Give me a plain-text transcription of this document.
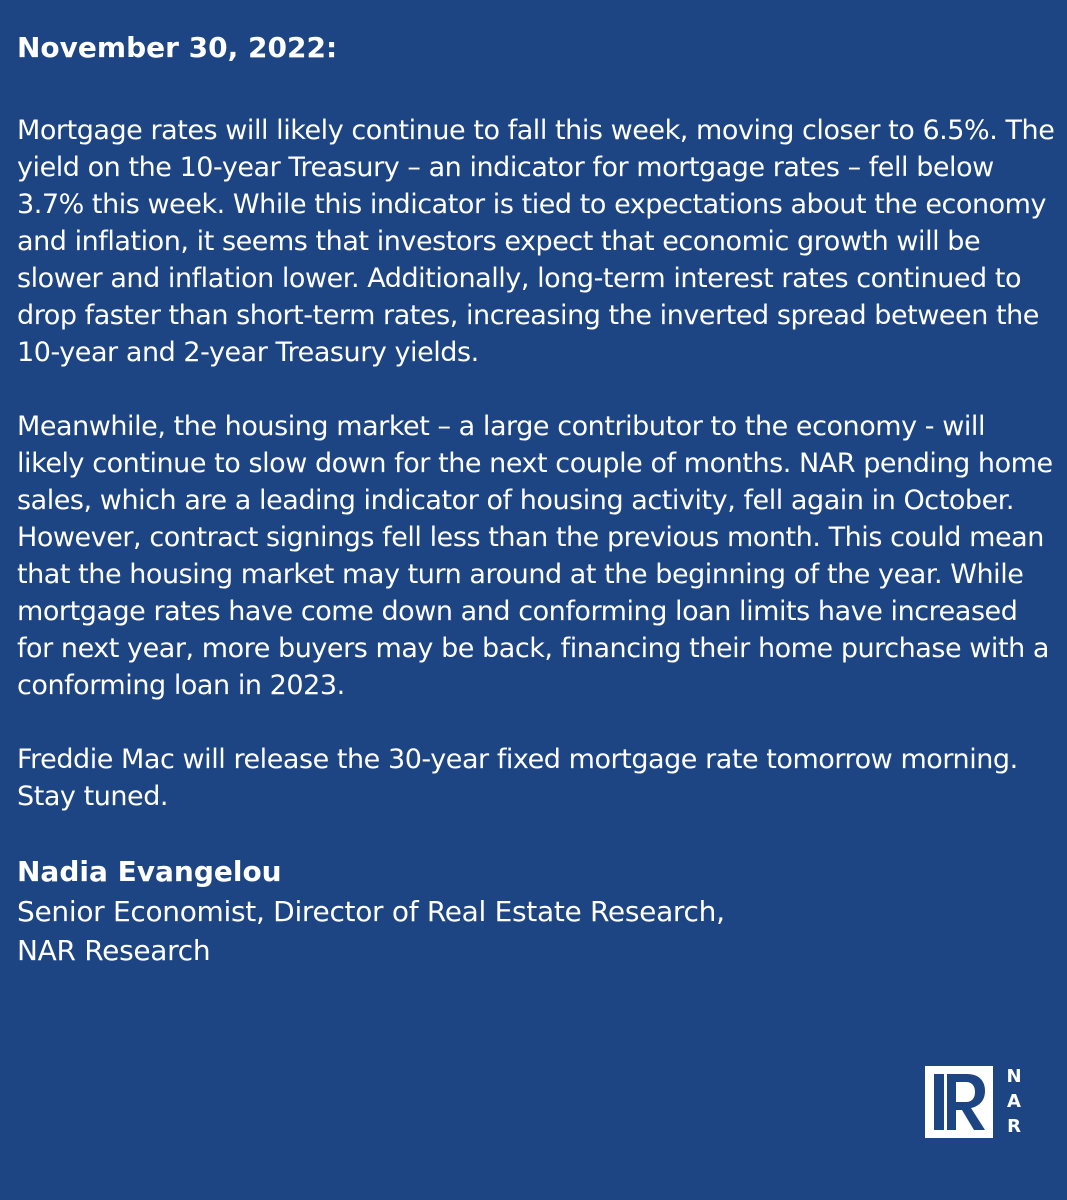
November 30, 2022:

Mortgage rates will likely continue to fall this week, moving closer to 6.5%. The yield on the 10-year Treasury – an indicator for mortgage rates – fell below 3.7% this week. While this indicator is tied to expectations about the economy and inflation, it seems that investors expect that economic growth will be slower and inflation lower. Additionally, long-term interest rates continued to drop faster than short-term rates, increasing the inverted spread between the 10-year and 2-year Treasury yields.

Meanwhile, the housing market – a large contributor to the economy - will likely continue to slow down for the next couple of months. NAR pending home sales, which are a leading indicator of housing activity, fell again in October. However, contract signings fell less than the previous month. This could mean that the housing market may turn around at the beginning of the year. While mortgage rates have come down and conforming loan limits have increased for next year, more buyers may be back, financing their home purchase with a conforming loan in 2023.

Freddie Mac will release the 30-year fixed mortgage rate tomorrow morning. Stay tuned.

Nadia Evangelou
Senior Economist, Director of Real Estate Research,
NAR Research
N
A
R
